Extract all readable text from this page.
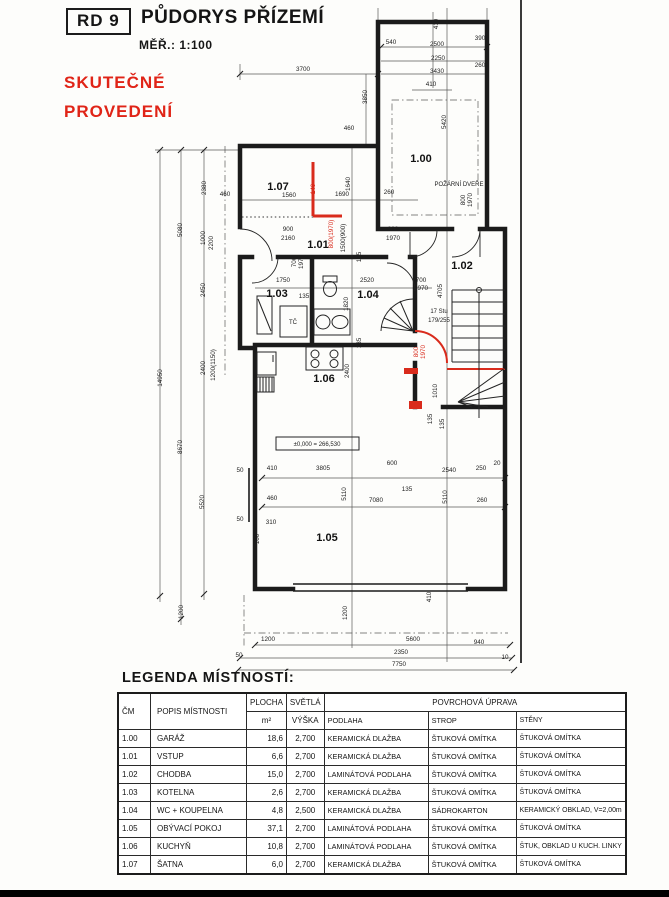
RD 9	PŮDORYS PŘÍZEMÍ
MĚŘ.: 1:100
SKUTEČNÉ
PROVEDENÍ
3700
460
3850
410
410
540	2500
390
2250
3430
260
5420
14950
5080
8670
2380
1000 2200
2450
2400 1200(1150)
5520
1200
460	1560	1690
1640
260
900
2160
900
1970
700 1970	135
800 1970
1750
135
2520	700
1970
1820
4705
2400
135
1010
135 135
410	3805
600
135
2540	250
20
5110	5110
460	7080	260
310
50
50
100
1200
410
1200	5600	940
50	2350
10
7750
140
800(1970) 1500(900)
800 1970
POŽÁRNÍ DVEŘE
±0,000 = 266,530
17 Stu
179/255
TČ
1.00
1.07
1.01
1.02
1.03	1.04
1.06
1.05
LEGENDA MÍSTNOSTÍ:
ČM	POPIS MÍSTNOSTI	PLOCHA	SVĚTLÁ	POVRCHOVÁ ÚPRAVA		
		m²	VÝŠKA	PODLAHA	STROP	STĚNY
1.00	GARÁŽ	18,6	2,700	KERAMICKÁ DLAŽBA	ŠTUKOVÁ OMÍTKA	ŠTUKOVÁ OMÍTKA
1.01	VSTUP	6,6	2,700	KERAMICKÁ DLAŽBA	ŠTUKOVÁ OMÍTKA	ŠTUKOVÁ OMÍTKA
1.02	CHODBA	15,0	2,700	LAMINÁTOVÁ PODLAHA	ŠTUKOVÁ OMÍTKA	ŠTUKOVÁ OMÍTKA
1.03	KOTELNA	2,6	2,700	KERAMICKÁ DLAŽBA	ŠTUKOVÁ OMÍTKA	ŠTUKOVÁ OMÍTKA
1.04	WC + KOUPELNA	4,8	2,500	KERAMICKÁ DLAŽBA	SÁDROKARTON	KERAMICKÝ OBKLAD, V=2,00m
1.05	OBÝVACÍ POKOJ	37,1	2,700	LAMINÁTOVÁ PODLAHA	ŠTUKOVÁ OMÍTKA	ŠTUKOVÁ OMÍTKA
1.06	KUCHYŇ	10,8	2,700	LAMINÁTOVÁ PODLAHA	ŠTUKOVÁ OMÍTKA	ŠTUK, OBKLAD U KUCH. LINKY
1.07	ŠATNA	6,0	2,700	KERAMICKÁ DLAŽBA	ŠTUKOVÁ OMÍTKA	ŠTUKOVÁ OMÍTKA
